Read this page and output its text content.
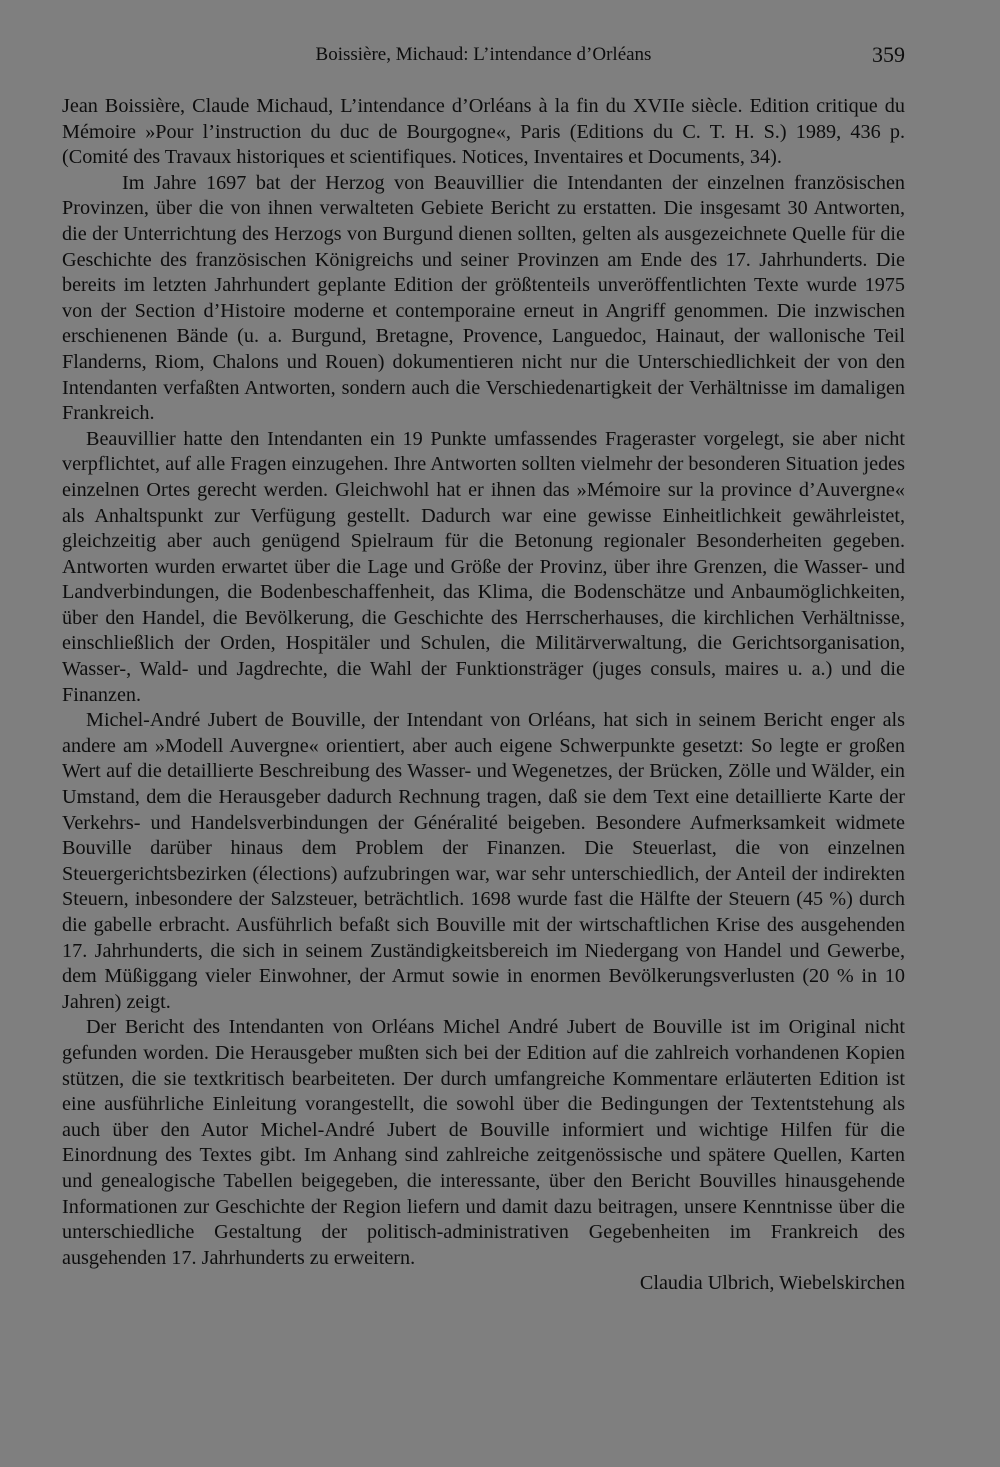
Boissière, Michaud: L’intendance d’Orléans	359

Jean Boissière, Claude Michaud, L’intendance d’Orléans à la fin du XVIIe siècle. Edition critique du Mémoire »Pour l’instruction du duc de Bourgogne«, Paris (Editions du C. T. H. S.) 1989, 436 p. (Comité des Travaux historiques et scientifiques. Notices, Inventaires et Documents, 34).

Im Jahre 1697 bat der Herzog von Beauvillier die Intendanten der einzelnen französischen Provinzen, über die von ihnen verwalteten Gebiete Bericht zu erstatten. Die insgesamt 30 Antworten, die der Unterrichtung des Herzogs von Burgund dienen sollten, gelten als ausgezeichnete Quelle für die Geschichte des französischen Königreichs und seiner Provinzen am Ende des 17. Jahrhunderts. Die bereits im letzten Jahrhundert geplante Edition der größtenteils unveröffentlichten Texte wurde 1975 von der Section d’Histoire moderne et contemporaine erneut in Angriff genommen. Die inzwischen erschienenen Bände (u. a. Burgund, Bretagne, Provence, Languedoc, Hainaut, der wallonische Teil Flanderns, Riom, Chalons und Rouen) dokumentieren nicht nur die Unterschiedlichkeit der von den Intendanten verfaßten Antworten, sondern auch die Verschiedenartigkeit der Verhältnisse im damaligen Frankreich.

Beauvillier hatte den Intendanten ein 19 Punkte umfassendes Frageraster vorgelegt, sie aber nicht verpflichtet, auf alle Fragen einzugehen. Ihre Antworten sollten vielmehr der besonderen Situation jedes einzelnen Ortes gerecht werden. Gleichwohl hat er ihnen das »Mémoire sur la province d’Auvergne« als Anhaltspunkt zur Verfügung gestellt. Dadurch war eine gewisse Einheitlichkeit gewährleistet, gleichzeitig aber auch genügend Spielraum für die Betonung regionaler Besonderheiten gegeben. Antworten wurden erwartet über die Lage und Größe der Provinz, über ihre Grenzen, die Wasser- und Landverbindungen, die Bodenbeschaffenheit, das Klima, die Bodenschätze und Anbaumöglichkeiten, über den Handel, die Bevölkerung, die Geschichte des Herrscherhauses, die kirchlichen Verhältnisse, einschließlich der Orden, Hospitäler und Schulen, die Militärverwaltung, die Gerichtsorganisation, Wasser-, Wald- und Jagdrechte, die Wahl der Funktionsträger (juges consuls, maires u. a.) und die Finanzen.

Michel-André Jubert de Bouville, der Intendant von Orléans, hat sich in seinem Bericht enger als andere am »Modell Auvergne« orientiert, aber auch eigene Schwerpunkte gesetzt: So legte er großen Wert auf die detaillierte Beschreibung des Wasser- und Wegenetzes, der Brücken, Zölle und Wälder, ein Umstand, dem die Herausgeber dadurch Rechnung tragen, daß sie dem Text eine detaillierte Karte der Verkehrs- und Handelsverbindungen der Généralité beigeben. Besondere Aufmerksamkeit widmete Bouville darüber hinaus dem Problem der Finanzen. Die Steuerlast, die von einzelnen Steuergerichtsbezirken (élections) aufzubringen war, war sehr unterschiedlich, der Anteil der indirekten Steuern, inbesondere der Salzsteuer, beträchtlich. 1698 wurde fast die Hälfte der Steuern (45 %) durch die gabelle erbracht. Ausführlich befaßt sich Bouville mit der wirtschaftlichen Krise des ausgehenden 17. Jahrhunderts, die sich in seinem Zuständigkeitsbereich im Niedergang von Handel und Gewerbe, dem Müßiggang vieler Einwohner, der Armut sowie in enormen Bevölkerungsverlusten (20 % in 10 Jahren) zeigt.

Der Bericht des Intendanten von Orléans Michel André Jubert de Bouville ist im Original nicht gefunden worden. Die Herausgeber mußten sich bei der Edition auf die zahlreich vorhandenen Kopien stützen, die sie textkritisch bearbeiteten. Der durch umfangreiche Kommentare erläuterten Edition ist eine ausführliche Einleitung vorangestellt, die sowohl über die Bedingungen der Textentstehung als auch über den Autor Michel-André Jubert de Bouville informiert und wichtige Hilfen für die Einordnung des Textes gibt. Im Anhang sind zahlreiche zeitgenössische und spätere Quellen, Karten und genealogische Tabellen beigegeben, die interessante, über den Bericht Bouvilles hinausgehende Informationen zur Geschichte der Region liefern und damit dazu beitragen, unsere Kenntnisse über die unterschiedliche Gestaltung der politisch-administrativen Gegebenheiten im Frankreich des ausgehenden 17. Jahrhunderts zu erweitern.

Claudia Ulbrich, Wiebelskirchen
